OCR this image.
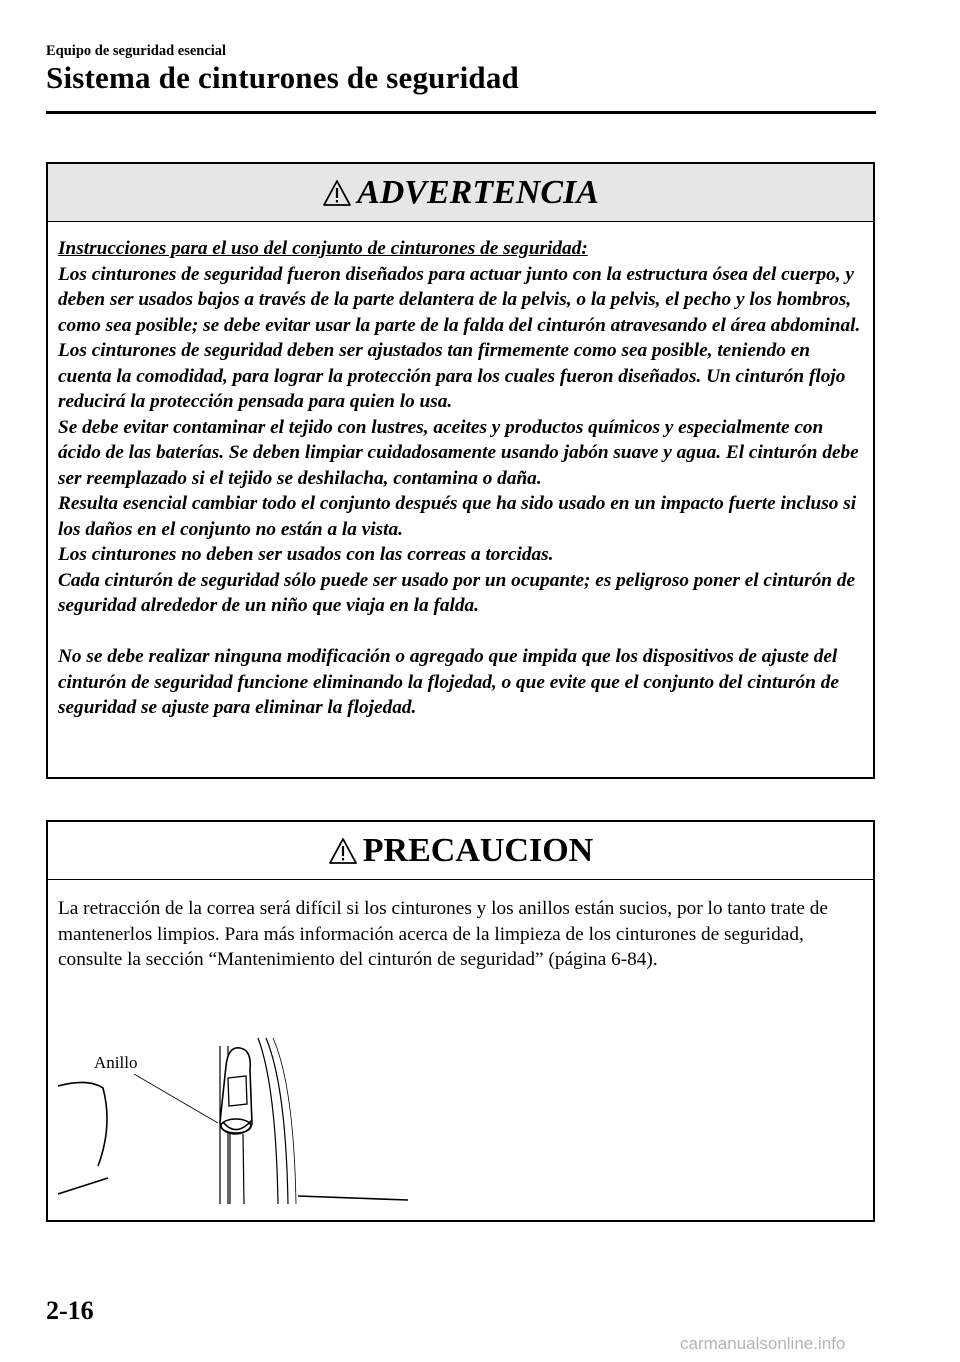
Equipo de seguridad esencial
Sistema de cinturones de seguridad
ADVERTENCIA

Instrucciones para el uso del conjunto de cinturones de seguridad:

Los cinturones de seguridad fueron diseñados para actuar junto con la estructura ósea del cuerpo, y deben ser usados bajos a través de la parte delantera de la pelvis, o la pelvis, el pecho y los hombros, como sea posible; se debe evitar usar la parte de la falda del cinturón atravesando el área abdominal.

Los cinturones de seguridad deben ser ajustados tan firmemente como sea posible, teniendo en cuenta la comodidad, para lograr la protección para los cuales fueron diseñados. Un cinturón flojo reducirá la protección pensada para quien lo usa.

Se debe evitar contaminar el tejido con lustres, aceites y productos químicos y especialmente con ácido de las baterías. Se deben limpiar cuidadosamente usando jabón suave y agua. El cinturón debe ser reemplazado si el tejido se deshilacha, contamina o daña.

Resulta esencial cambiar todo el conjunto después que ha sido usado en un impacto fuerte incluso si los daños en el conjunto no están a la vista.

Los cinturones no deben ser usados con las correas a torcidas.

Cada cinturón de seguridad sólo puede ser usado por un ocupante; es peligroso poner el cinturón de seguridad alrededor de un niño que viaja en la falda.

No se debe realizar ninguna modificación o agregado que impida que los dispositivos de ajuste del cinturón de seguridad funcione eliminando la flojedad, o que evite que el conjunto del cinturón de seguridad se ajuste para eliminar la flojedad.

PRECAUCION

La retracción de la correa será difícil si los cinturones y los anillos están sucios, por lo tanto trate de mantenerlos limpios. Para más información acerca de la limpieza de los cinturones de seguridad, consulte la sección “Mantenimiento del cinturón de seguridad” (página 6-84).

Anillo
2-16
carmanualsonline.info
